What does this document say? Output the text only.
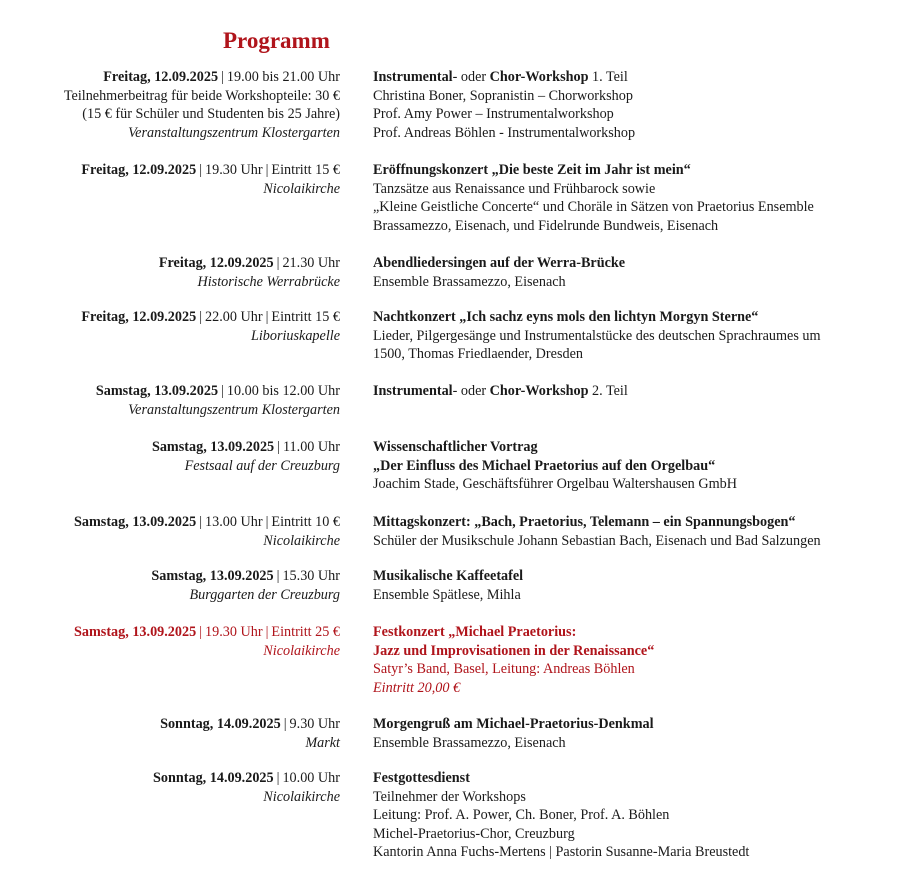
Programm
Freitag, 12.09.2025 | 19.00 bis 21.00 Uhr
Teilnehmerbeitrag für beide Workshopteile: 30 €
(15 € für Schüler und Studenten bis 25 Jahre)
Veranstaltungszentrum Klostergarten
Instrumental- oder Chor-Workshop 1. Teil
Christina Boner, Sopranistin – Chorworkshop
Prof. Amy Power – Instrumentalworkshop
Prof. Andreas Böhlen - Instrumentalworkshop
Freitag, 12.09.2025 | 19.30 Uhr | Eintritt 15 €
Nicolaikirche
Eröffnungskonzert „Die beste Zeit im Jahr ist mein“
Tanzsätze aus Renaissance und Frühbarock sowie
„Kleine Geistliche Concerte“ und Choräle in Sätzen von Praetorius Ensemble
Brassamezzo, Eisenach, und Fidelrunde Bundweis, Eisenach
Freitag, 12.09.2025 | 21.30 Uhr
Historische Werrabrücke
Abendliedersingen auf der Werra-Brücke
Ensemble Brassamezzo, Eisenach
Freitag, 12.09.2025 | 22.00 Uhr | Eintritt 15 €
Liboriuskapelle
Nachtkonzert „Ich sachz eyns mols den lichtyn Morgyn Sterne“
Lieder, Pilgergesänge und Instrumentalstücke des deutschen Sprachraumes um
1500, Thomas Friedlaender, Dresden
Samstag, 13.09.2025 | 10.00 bis 12.00 Uhr
Veranstaltungszentrum Klostergarten
Instrumental- oder Chor-Workshop 2. Teil
Samstag, 13.09.2025 | 11.00 Uhr
Festsaal auf der Creuzburg
Wissenschaftlicher Vortrag
„Der Einfluss des Michael Praetorius auf den Orgelbau“
Joachim Stade, Geschäftsführer Orgelbau Waltershausen GmbH
Samstag, 13.09.2025 | 13.00 Uhr | Eintritt 10 €
Nicolaikirche
Mittagskonzert: „Bach, Praetorius, Telemann – ein Spannungsbogen“
Schüler der Musikschule Johann Sebastian Bach, Eisenach und Bad Salzungen
Samstag, 13.09.2025 | 15.30 Uhr
Burggarten der Creuzburg
Musikalische Kaffeetafel
Ensemble Spätlese, Mihla
Samstag, 13.09.2025 | 19.30 Uhr | Eintritt 25 €
Nicolaikirche
Festkonzert „Michael Praetorius:
Jazz und Improvisationen in der Renaissance“
Satyr’s Band, Basel, Leitung: Andreas Böhlen
Eintritt 20,00 €
Sonntag, 14.09.2025 | 9.30 Uhr
Markt
Morgengruß am Michael-Praetorius-Denkmal
Ensemble Brassamezzo, Eisenach
Sonntag, 14.09.2025 | 10.00 Uhr
Nicolaikirche
Festgottesdienst
Teilnehmer der Workshops
Leitung: Prof. A. Power, Ch. Boner, Prof. A. Böhlen
Michel-Praetorius-Chor, Creuzburg
Kantorin Anna Fuchs-Mertens | Pastorin Susanne-Maria Breustedt
